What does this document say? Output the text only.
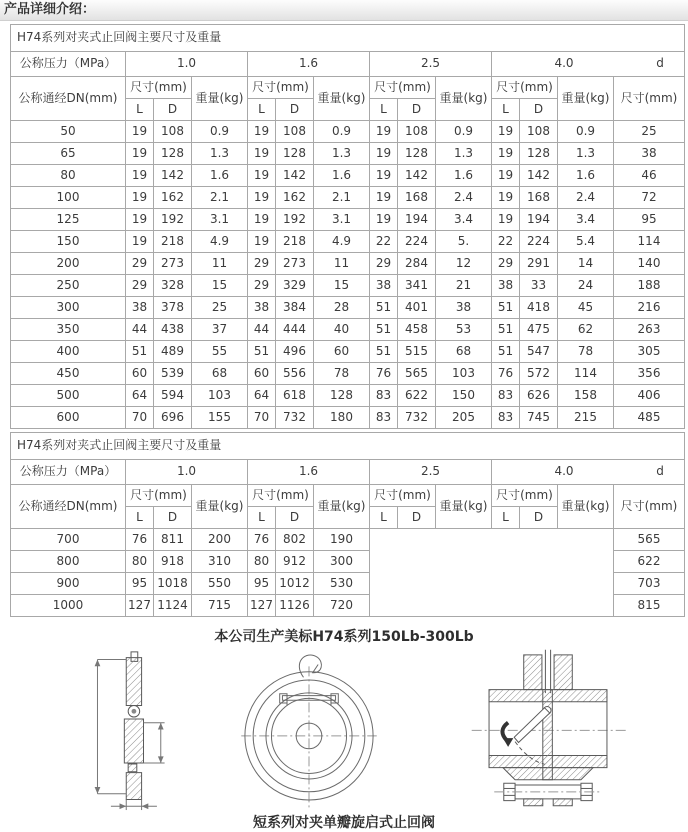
产品详细介绍：
H74系列对夹式止回阀主要尺寸及重量													
公称压力（MPa）	1.0			1.6			2.5			4.0 d			

公称通经DN(mm)	尺寸(mm)		重量(kg)	尺寸(mm)		重量(kg)	尺寸(mm)		重量(kg)	尺寸(mm)		重量(kg)	尺寸(mm)
	L	D		L	D		L	D		L	D		
50	19	108	0.9	19	108	0.9	19	108	0.9	19	108	0.9	25
65	19	128	1.3	19	128	1.3	19	128	1.3	19	128	1.3	38
80	19	142	1.6	19	142	1.6	19	142	1.6	19	142	1.6	46
100	19	162	2.1	19	162	2.1	19	168	2.4	19	168	2.4	72
125	19	192	3.1	19	192	3.1	19	194	3.4	19	194	3.4	95
150	19	218	4.9	19	218	4.9	22	224	5.	22	224	5.4	114
200	29	273	11	29	273	11	29	284	12	29	291	14	140
250	29	328	15	29	329	15	38	341	21	38	33	24	188
300	38	378	25	38	384	28	51	401	38	51	418	45	216
350	44	438	37	44	444	40	51	458	53	51	475	62	263
400	51	489	55	51	496	60	51	515	68	51	547	78	305
450	60	539	68	60	556	78	76	565	103	76	572	114	356
500	64	594	103	64	618	128	83	622	150	83	626	158	406
600	70	696	155	70	732	180	83	732	205	83	745	215	485
H74系列对夹式止回阀主要尺寸及重量													
公称压力（MPa）	1.0			1.6			2.5			4.0 d			

公称通经DN(mm)	尺寸(mm)		重量(kg)	尺寸(mm)		重量(kg)	尺寸(mm)		重量(kg)	尺寸(mm)		重量(kg)	尺寸(mm)
	L	D		L	D		L	D		L	D		
700	76	811	200	76	802	190							565
800	80	918	310	80	912	300							622
900	95	1018	550	95	1012	530							703
1000	127	1124	715	127	1126	720							815
本公司生产美标H74系列150Lb-300Lb
短系列对夹单瓣旋启式止回阀
